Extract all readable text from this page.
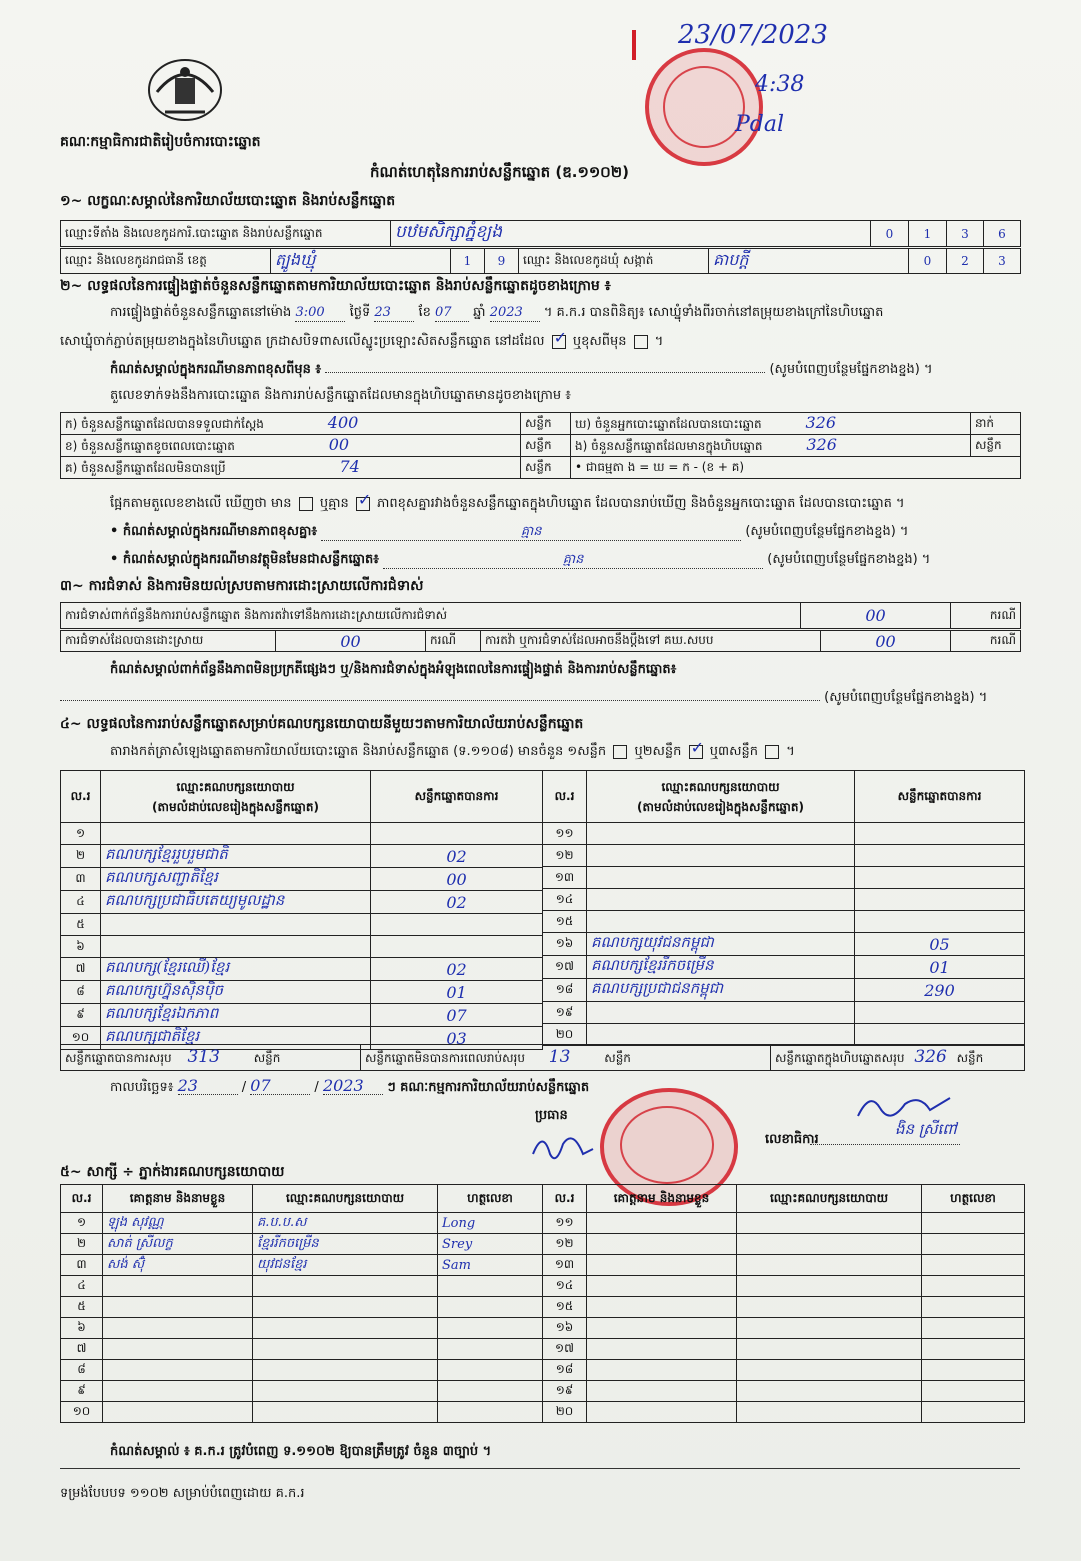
គណៈកម្មាធិការជាតិរៀបចំការបោះឆ្នោត
កំណត់ហេតុនៃការរាប់សន្លឹកឆ្នោត (ឌ.១១០២)
23/07/2023
4:38
Pdal
១~ លក្ខណៈសម្គាល់នៃការិយាល័យបោះឆ្នោត និងរាប់សន្លឹកឆ្នោត
ឈ្មោះទីតាំង និងលេខកូដការិ.បោះឆ្នោត និងរាប់សន្លឹកឆ្នោត	បឋមសិក្សាភ្នំខ្យង	0	1	3	6
ឈ្មោះ និងលេខកូដរាជធានី ខេត្ត	ត្បូងឃ្មុំ	1	9	ឈ្មោះ និងលេខកូដឃុំ សង្កាត់	គាបក្ដី	0	2	3
២~ លទ្ធផលនៃការផ្ទៀងផ្ទាត់ចំនួនសន្លឹកឆ្នោតតាមការិយាល័យបោះឆ្នោត និងរាប់សន្លឹកឆ្នោតដូចខាងក្រោម ៖
ការផ្ទៀងផ្ទាត់ចំនួនសន្លឹកឆ្នោតនៅម៉ោង 3:00 ថ្ងៃទី 23 ខែ 07 ឆ្នាំ 2023 ។ គ.ក.រ បានពិនិត្យ៖ សោឃ្នុំទាំងពីរចាក់នៅតម្រុយខាងក្រៅនៃហិបឆ្នោត
សោឃ្នុំចាក់ភ្ជាប់តម្រុយខាងក្នុងនៃហិបឆ្នោត ក្រដាសបិទពាសលើស្នូះប្រឡោះសិតសន្លឹកឆ្នោត នៅដដែល ✓ ឬខុសពីមុន  ។
កំណត់សម្គាល់ក្នុងករណីមានភាពខុសពីមុន ៖	(សូមបំពេញបន្ថែមផ្នែកខាងខ្នង) ។
តួលេខទាក់ទងនឹងការបោះឆ្នោត និងការរាប់សន្លឹកឆ្នោតដែលមានក្នុងហិបឆ្នោតមានដូចខាងក្រោម ៖
ក) ចំនួនសន្លឹកឆ្នោតដែលបានទទួលជាក់ស្ដែង 400	សន្លឹក	ឃ) ចំនួនអ្នកបោះឆ្នោតដែលបានបោះឆ្នោត 326	នាក់
ខ) ចំនួនសន្លឹកឆ្នោតខូចពេលបោះឆ្នោត 00	សន្លឹក	ង) ចំនួនសន្លឹកឆ្នោតដែលមានក្នុងហិបឆ្នោត 326	សន្លឹក
គ) ចំនួនសន្លឹកឆ្នោតដែលមិនបានប្រើ 74	សន្លឹក	• ជាធម្មតា ង = ឃ = ក - (ខ + គ)	
ផ្អែកតាមតួលេខខាងលើ ឃើញថា មាន ឬគ្មាន ✓ ភាពខុសគ្នារវាងចំនួនសន្លឹកឆ្នោតក្នុងហិបឆ្នោត ដែលបានរាប់ឃើញ និងចំនួនអ្នកបោះឆ្នោត ដែលបានបោះឆ្នោត ។
• កំណត់សម្គាល់ក្នុងករណីមានភាពខុសគ្នា៖	គ្មាន	(សូមបំពេញបន្ថែមផ្នែកខាងខ្នង) ។
• កំណត់សម្គាល់ក្នុងករណីមានវត្ថុមិនមែនជាសន្លឹកឆ្នោត៖	គ្មាន	(សូមបំពេញបន្ថែមផ្នែកខាងខ្នង) ។
៣~ ការជំទាស់ និងការមិនយល់ស្របតាមការដោះស្រាយលើការជំទាស់
ការជំទាស់ពាក់ព័ន្ធនឹងការរាប់សន្លឹកឆ្នោត និងការតវ៉ាទៅនឹងការដោះស្រាយលើការជំទាស់	00	ករណី
ការជំទាស់ដែលបានដោះស្រាយ	00	ករណី	ការតវ៉ា ឬការជំទាស់ដែលអាចនឹងប្ដឹងទៅ គឃ.សបប	00	ករណី
កំណត់សម្គាល់ពាក់ព័ន្ធនឹងភាពមិនប្រក្រតីផ្សេងៗ ឬ/និងការជំទាស់ក្នុងអំឡុងពេលនៃការផ្ទៀងផ្ទាត់ និងការរាប់សន្លឹកឆ្នោត៖
(សូមបំពេញបន្ថែមផ្នែកខាងខ្នង) ។
៤~ លទ្ធផលនៃការរាប់សន្លឹកឆ្នោតសម្រាប់គណបក្សនយោបាយនីមួយៗតាមការិយាល័យរាប់សន្លឹកឆ្នោត
តារាងកត់ត្រាសំឡេងឆ្នោតតាមការិយាល័យបោះឆ្នោត និងរាប់សន្លឹកឆ្នោត (ទ.១១០៨) មានចំនួន ១សន្លឹក ឬ២សន្លឹក ✓ ឬ៣សន្លឹក  ។
ល.រ	ឈ្មោះគណបក្សនយោបាយ
(តាមលំដាប់លេខរៀងក្នុងសន្លឹកឆ្នោត)	សន្លឹកឆ្នោតបានការ
១		
២	គណបក្សខ្មែររួបរួមជាតិ	02
៣	គណបក្សសញ្ជាតិខ្មែរ	00
៤	គណបក្សប្រជាធិបតេយ្យមូលដ្ឋាន	02
៥		
៦		
៧	គណបក្ស(ខ្មែរឈើ)ខ្មែរ	02
៨	គណបក្សហ្វ៊ុនស៊ិនប៉ិច	01
៩	គណបក្សខ្មែរឯកភាព	07
១០	គណបក្សជាតិខ្មែរ	03
ល.រ	ឈ្មោះគណបក្សនយោបាយ
(តាមលំដាប់លេខរៀងក្នុងសន្លឹកឆ្នោត)	សន្លឹកឆ្នោតបានការ
១១		
១២		
១៣		
១៤		
១៥		
១៦	គណបក្សយុវជនកម្ពុជា	05
១៧	គណបក្សខ្មែររីកចម្រើន	01
១៨	គណបក្សប្រជាជនកម្ពុជា	290
១៩		
២០		
សន្លឹកឆ្នោតបានការសរុប 313	សន្លឹក	សន្លឹកឆ្នោតមិនបានការពេលរាប់សរុប 13	សន្លឹក	សន្លឹកឆ្នោតក្នុងហិបឆ្នោតសរុប 326 សន្លឹក
កាលបរិច្ឆេទ៖ 23	/ 07	/ 2023 ៗ គណៈកម្មការការិយាល័យរាប់សន្លឹកឆ្នោត
ប្រធាន
លេខាធិការ
ងិន ស្រីពៅ
៥~ សាក្សី ÷ ភ្នាក់ងារគណបក្សនយោបាយ
ល.រ	គោត្តនាម និងនាមខ្លួន	ឈ្មោះគណបក្សនយោបាយ	ហត្ថលេខា
១	ឡុង សុវណ្ណ	គ.ប.ប.ស	Long
២	សាត់ ស្រីលក្ខ	ខ្មែររីកចម្រើន	Srey
៣	សង់ ស៊ុំ	យុវជនខ្មែរ	Sam
៤			
៥			
៦			
៧			
៨			
៩			
១០			
ល.រ	គោត្តនាម និងនាមខ្លួន	ឈ្មោះគណបក្សនយោបាយ	ហត្ថលេខា
១១			
១២			
១៣			
១៤			
១៥			
១៦			
១៧			
១៨			
១៩			
២០			
កំណត់សម្គាល់ ៖ គ.ក.រ ត្រូវបំពេញ ទ.១១០២ ឱ្យបានត្រឹមត្រូវ ចំនួន ៣ច្បាប់ ។
ទម្រង់បែបបទ ១១០២ សម្រាប់បំពេញដោយ គ.ក.រ
